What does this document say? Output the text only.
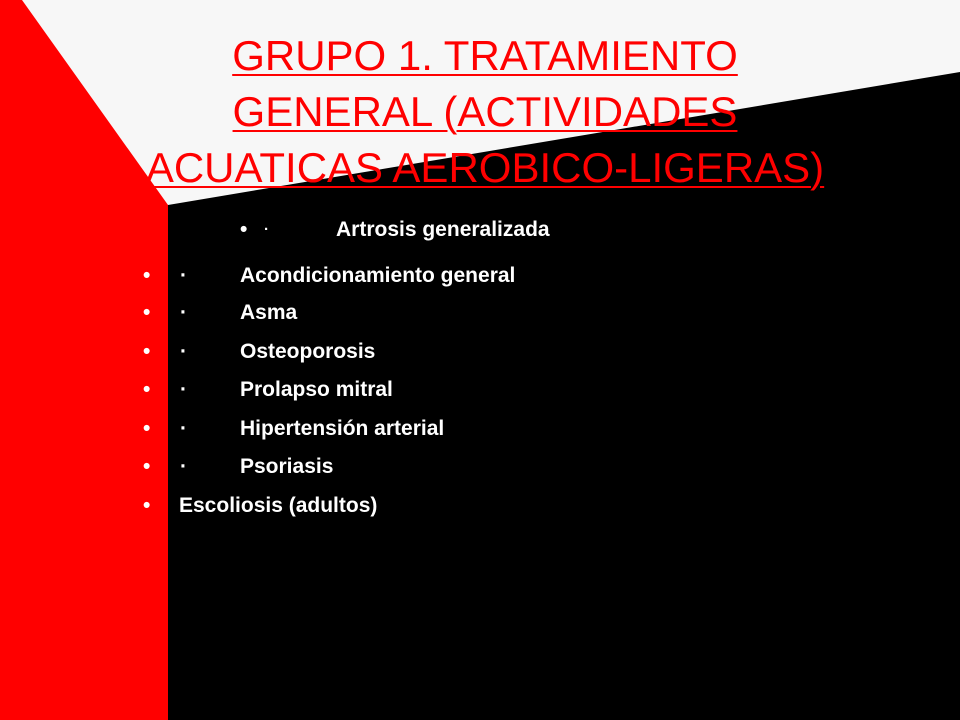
GRUPO 1. TRATAMIENTO
GENERAL (ACTIVIDADES
ACUATICAS AEROBICO-LIGERAS)
• ·	Artrosis generalizada
• ·	Acondicionamiento general
• ·	Asma
• ·	Osteoporosis
• ·	Prolapso mitral
• ·	Hipertensión arterial
• ·	Psoriasis
• Escoliosis (adultos)
